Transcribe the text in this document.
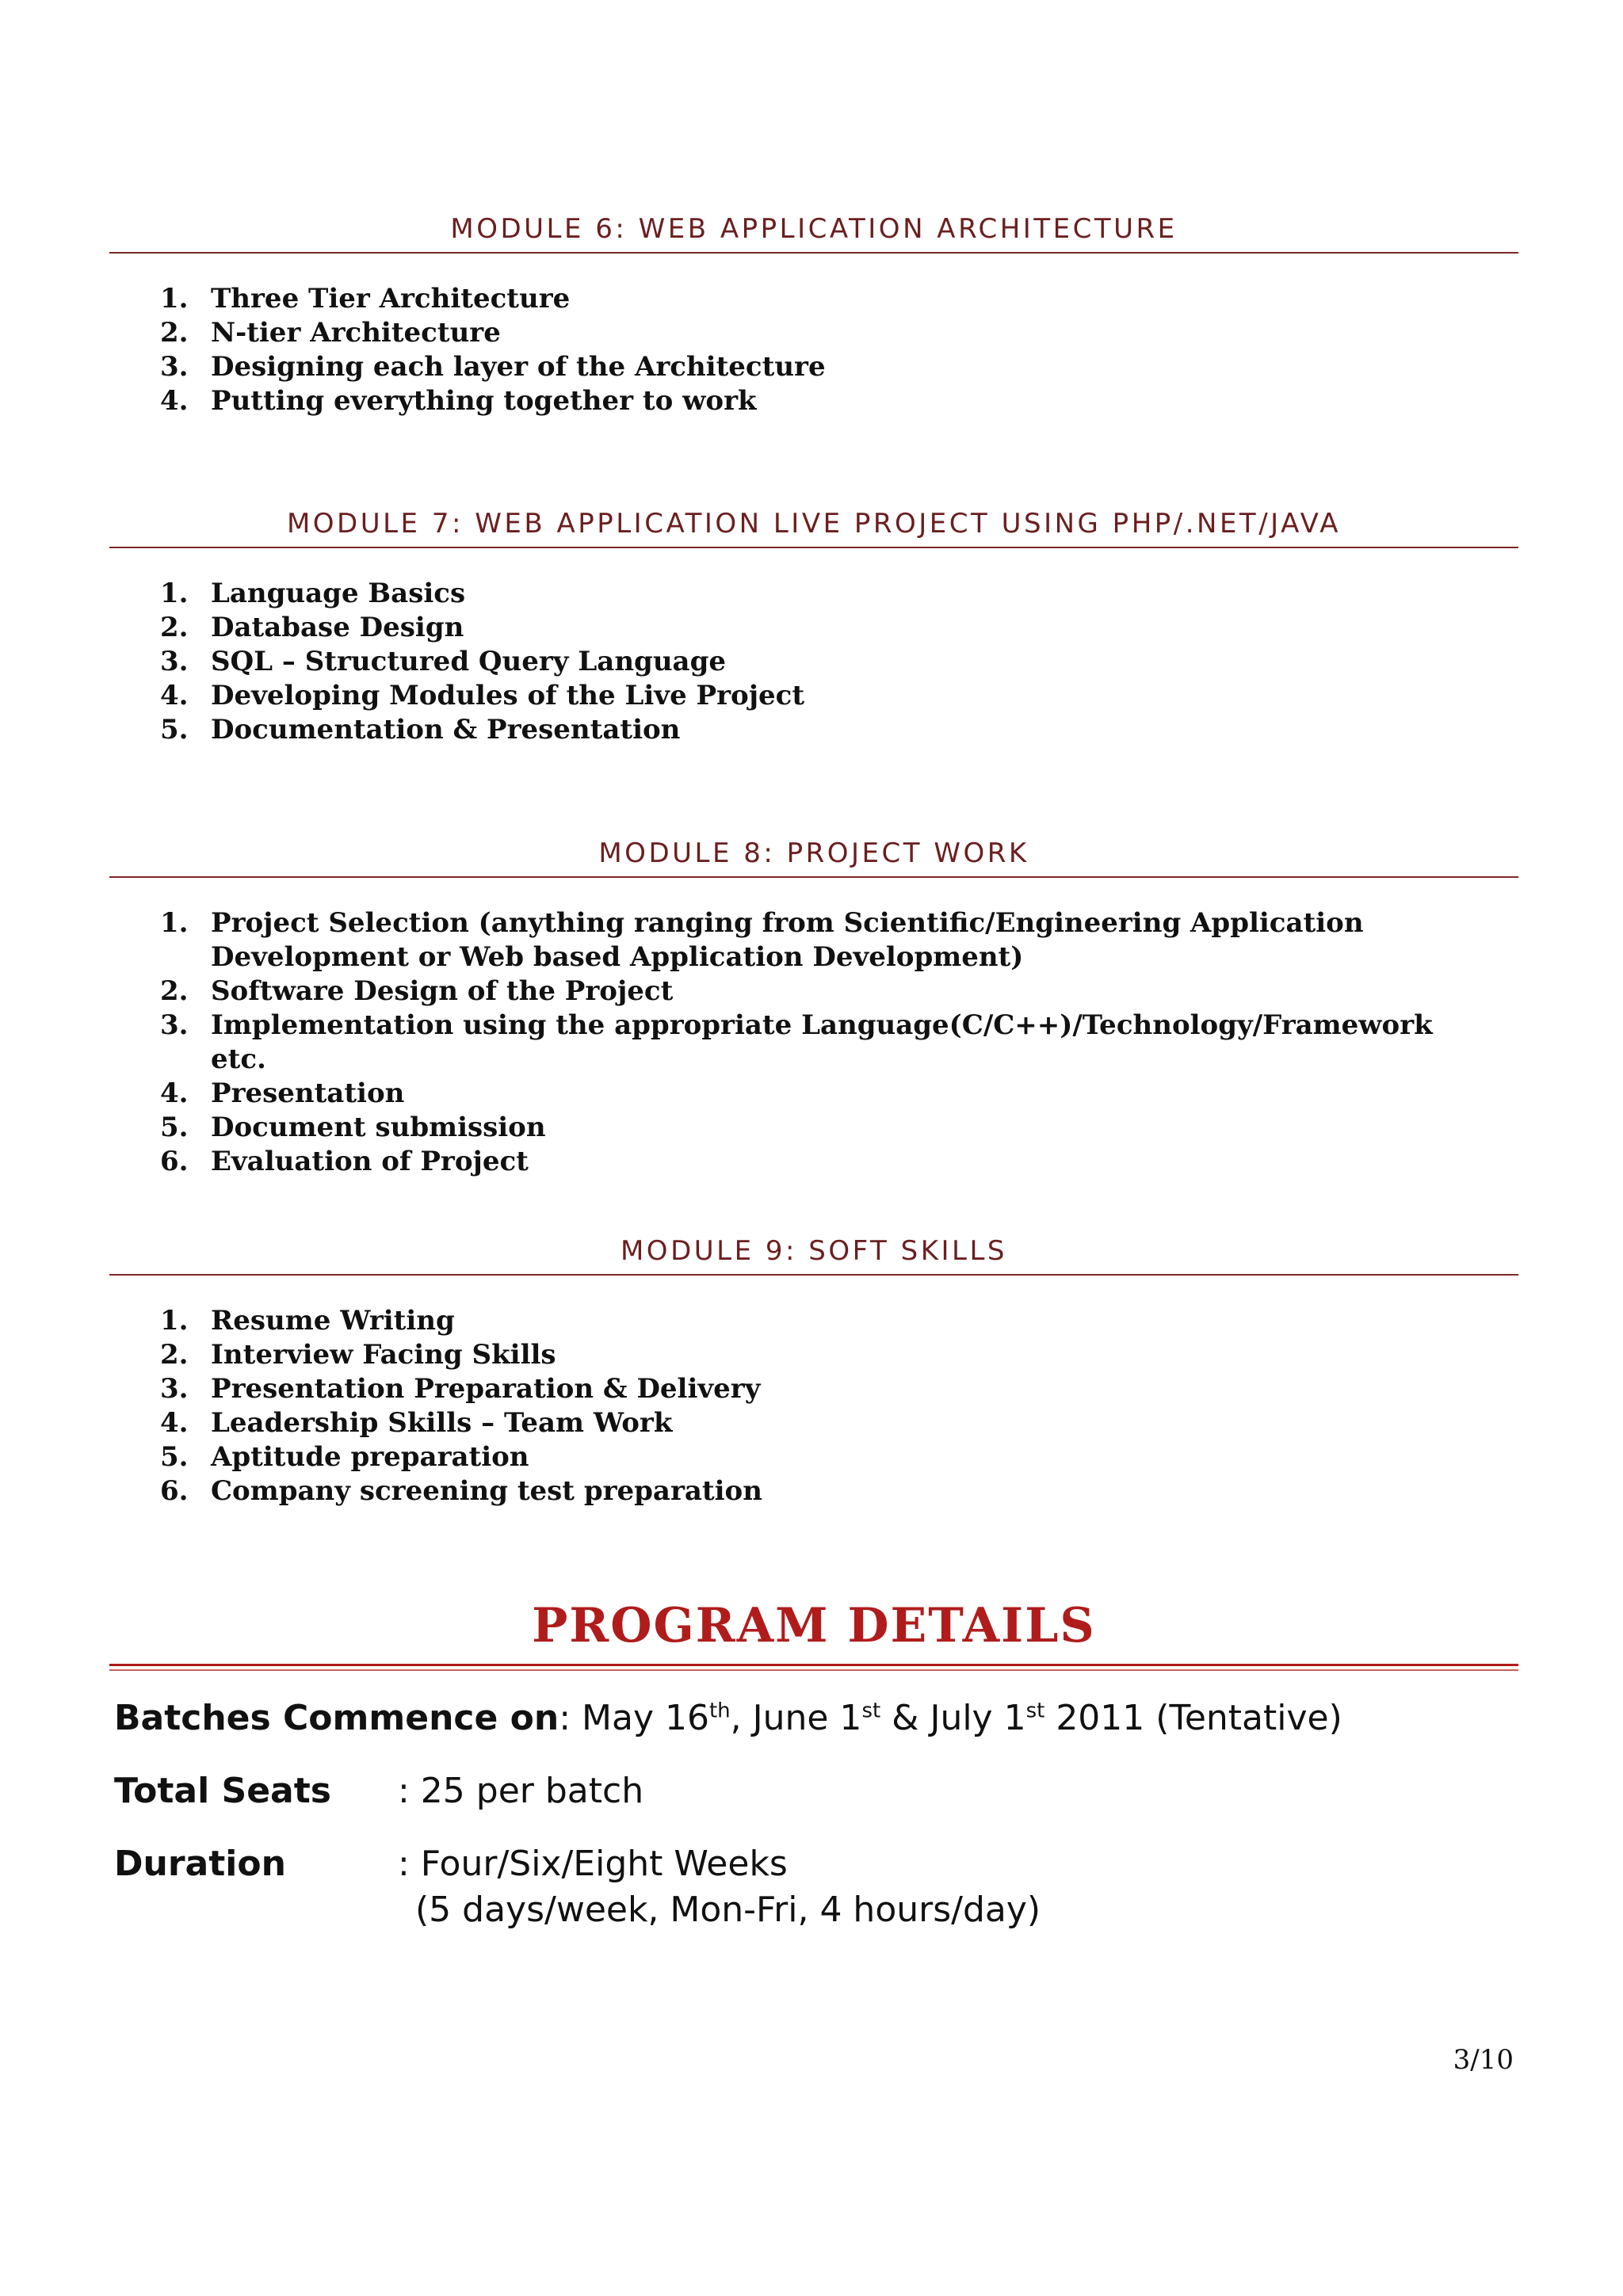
MODULE 6: WEB APPLICATION ARCHITECTURE
1. Three Tier Architecture
2. N-tier Architecture
3. Designing each layer of the Architecture
4. Putting everything together to work
MODULE 7: WEB APPLICATION LIVE PROJECT USING PHP/.NET/JAVA
1. Language Basics
2. Database Design
3. SQL – Structured Query Language
4. Developing Modules of the Live Project
5. Documentation & Presentation
MODULE 8: PROJECT WORK
1. Project Selection (anything ranging from Scientific/Engineering Application Development or Web based Application Development)
2. Software Design of the Project
3. Implementation using the appropriate Language(C/C++)/Technology/Framework etc.
4. Presentation
5. Document submission
6. Evaluation of Project
MODULE 9: SOFT SKILLS
1. Resume Writing
2. Interview Facing Skills
3. Presentation Preparation & Delivery
4. Leadership Skills – Team Work
5. Aptitude preparation
6. Company screening test preparation
PROGRAM DETAILS
Batches Commence on: May 16th, June 1st & July 1st 2011 (Tentative)
Total Seats : 25 per batch
Duration	: Four/Six/Eight Weeks
(5 days/week, Mon-Fri, 4 hours/day)
3/10
